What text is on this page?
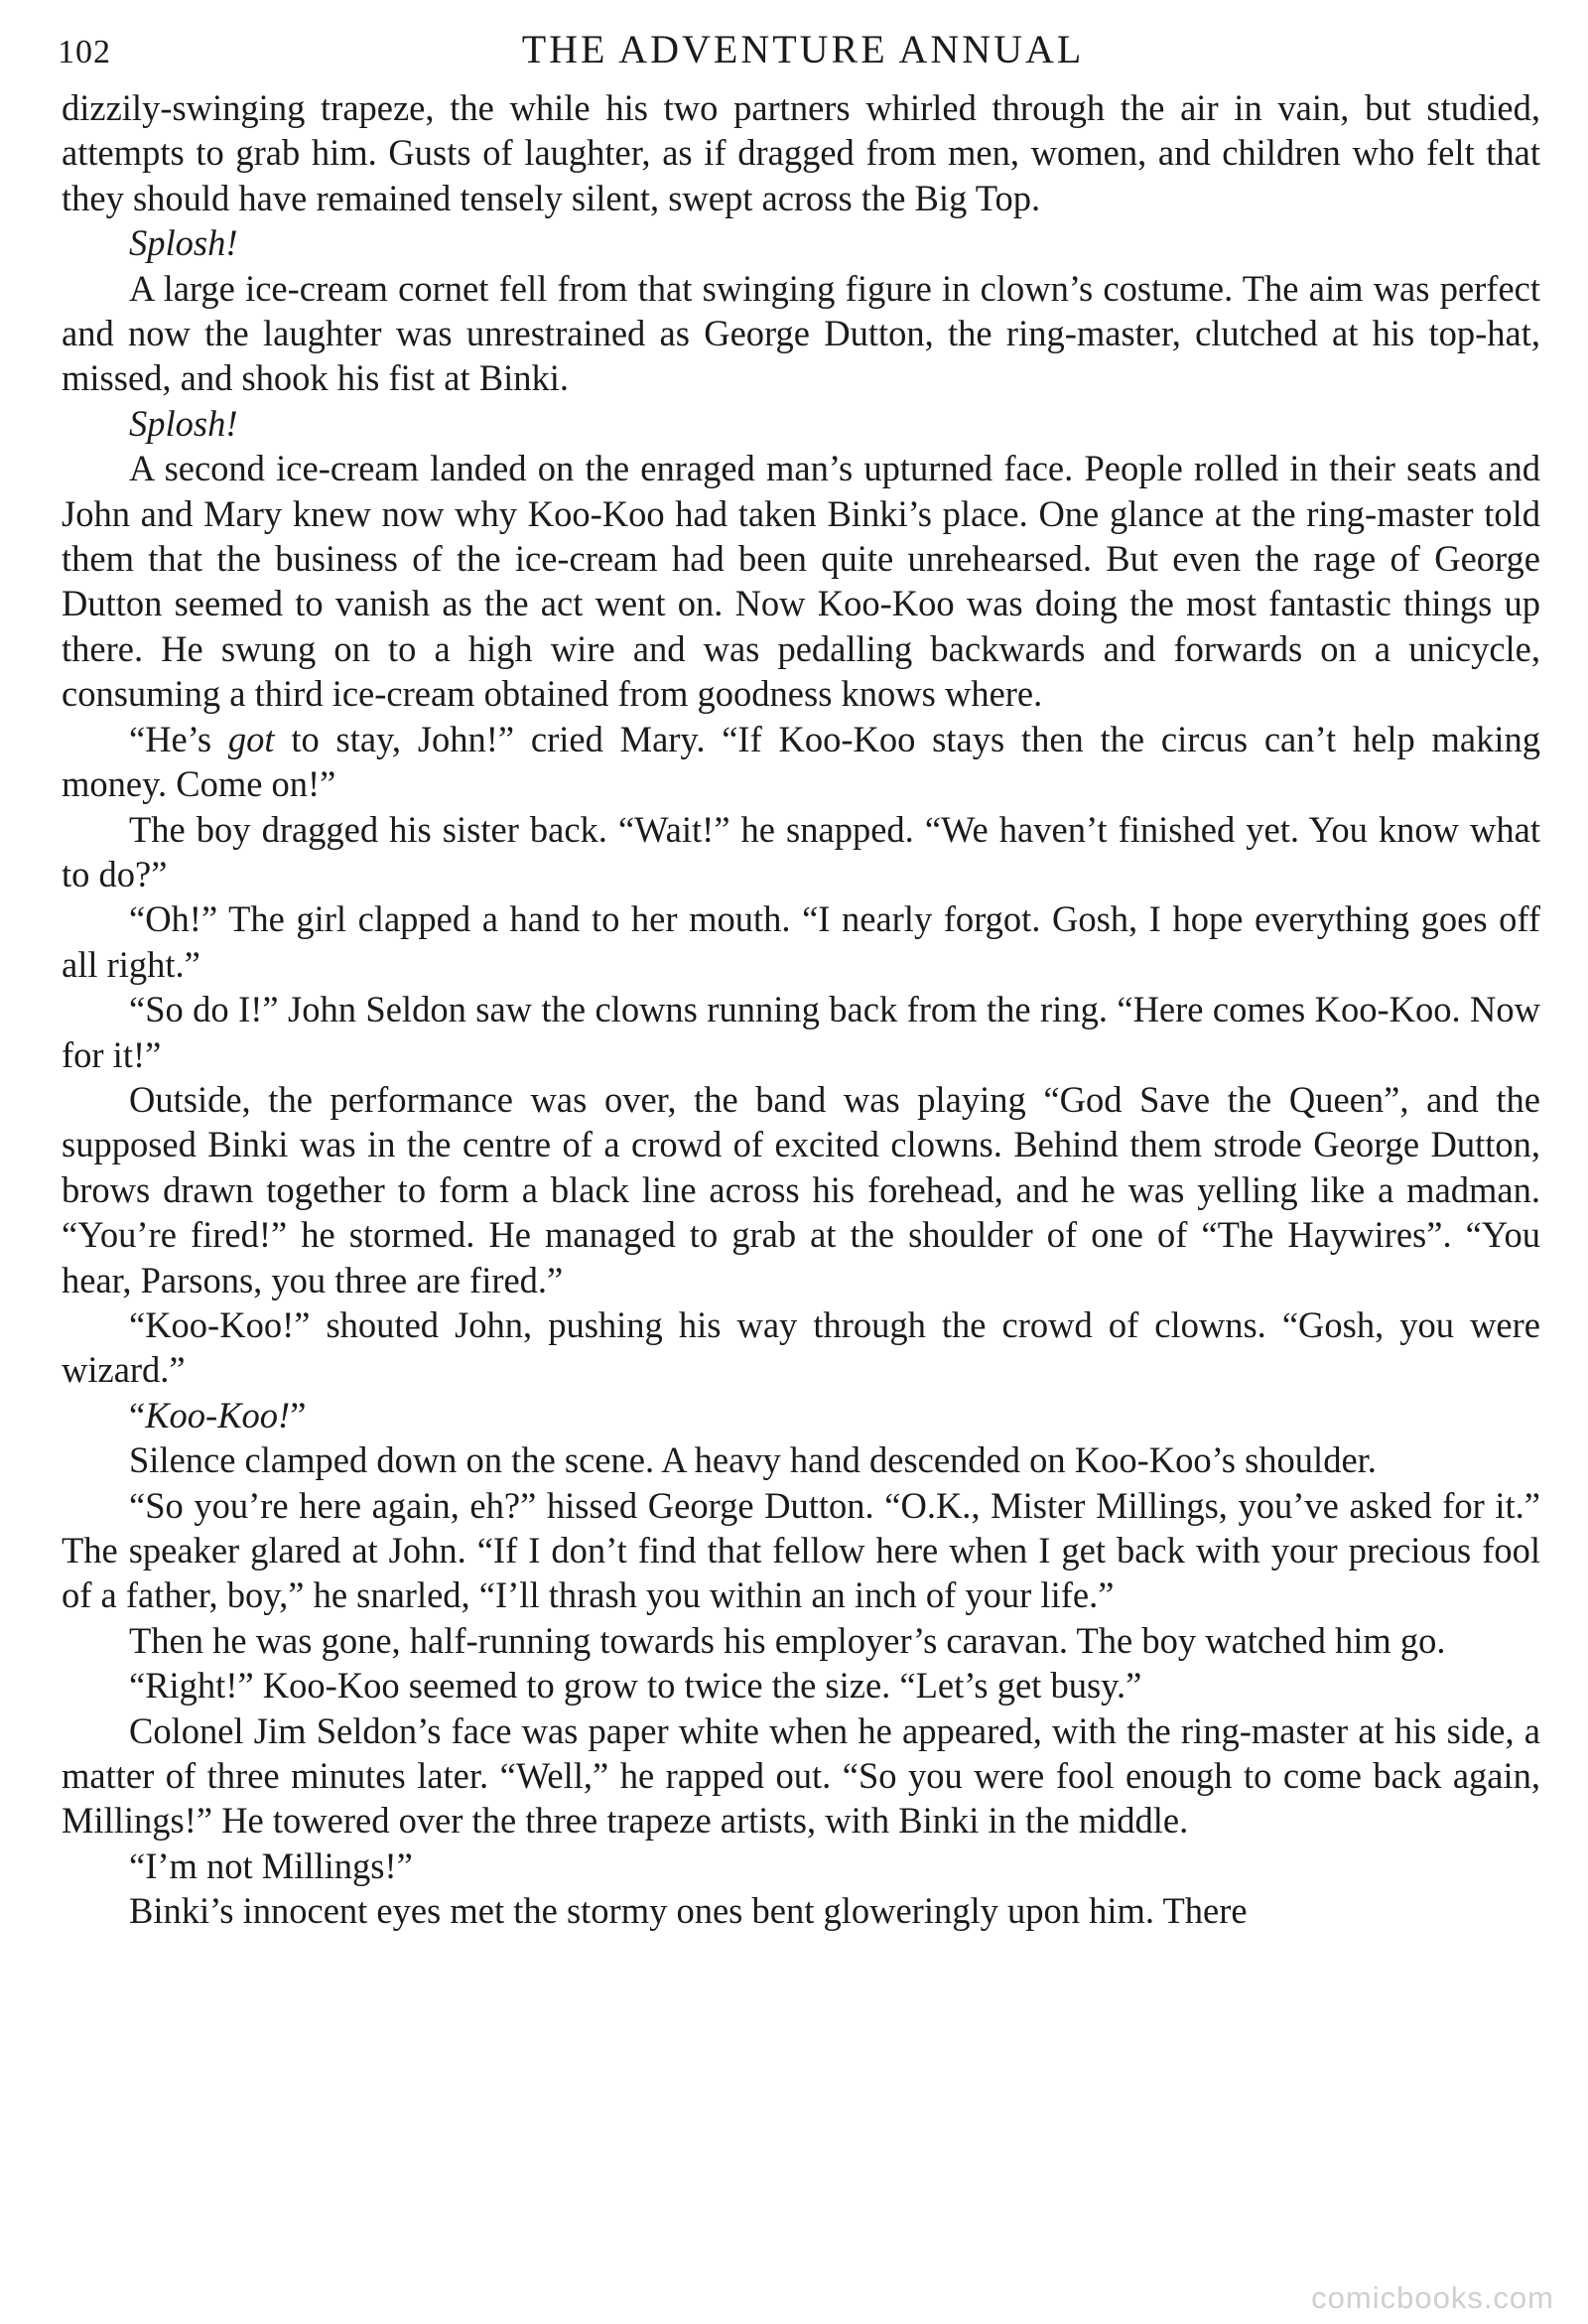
102	THE ADVENTURE ANNUAL

dizzily-swinging trapeze, the while his two partners whirled through the air in vain, but studied, attempts to grab him. Gusts of laughter, as if dragged from men, women, and children who felt that they should have remained tensely silent, swept across the Big Top.

Splosh!

A large ice-cream cornet fell from that swinging figure in clown’s costume. The aim was perfect and now the laughter was unrestrained as George Dutton, the ring-master, clutched at his top-hat, missed, and shook his fist at Binki.

Splosh!

A second ice-cream landed on the enraged man’s upturned face. People rolled in their seats and John and Mary knew now why Koo-Koo had taken Binki’s place. One glance at the ring-master told them that the business of the ice-cream had been quite unrehearsed. But even the rage of George Dutton seemed to vanish as the act went on. Now Koo-Koo was doing the most fantastic things up there. He swung on to a high wire and was pedalling backwards and forwards on a unicycle, consuming a third ice-cream obtained from goodness knows where.

“He’s got to stay, John!” cried Mary. “If Koo-Koo stays then the circus can’t help making money. Come on!”

The boy dragged his sister back. “Wait!” he snapped. “We haven’t finished yet. You know what to do?”

“Oh!” The girl clapped a hand to her mouth. “I nearly forgot. Gosh, I hope everything goes off all right.”

“So do I!” John Seldon saw the clowns running back from the ring. “Here comes Koo-Koo. Now for it!”

Outside, the performance was over, the band was playing “God Save the Queen”, and the supposed Binki was in the centre of a crowd of excited clowns. Behind them strode George Dutton, brows drawn together to form a black line across his forehead, and he was yelling like a madman. “You’re fired!” he stormed. He managed to grab at the shoulder of one of “The Haywires”. “You hear, Parsons, you three are fired.”

“Koo-Koo!” shouted John, pushing his way through the crowd of clowns. “Gosh, you were wizard.”

“Koo-Koo!”

Silence clamped down on the scene. A heavy hand descended on Koo-Koo’s shoulder.

“So you’re here again, eh?” hissed George Dutton. “O.K., Mister Millings, you’ve asked for it.” The speaker glared at John. “If I don’t find that fellow here when I get back with your precious fool of a father, boy,” he snarled, “I’ll thrash you within an inch of your life.”

Then he was gone, half-running towards his employer’s caravan. The boy watched him go.

“Right!” Koo-Koo seemed to grow to twice the size. “Let’s get busy.”

Colonel Jim Seldon’s face was paper white when he appeared, with the ring-master at his side, a matter of three minutes later. “Well,” he rapped out. “So you were fool enough to come back again, Millings!” He towered over the three trapeze artists, with Binki in the middle.

“I’m not Millings!”

Binki’s innocent eyes met the stormy ones bent gloweringly upon him. There

comicbooks.com
